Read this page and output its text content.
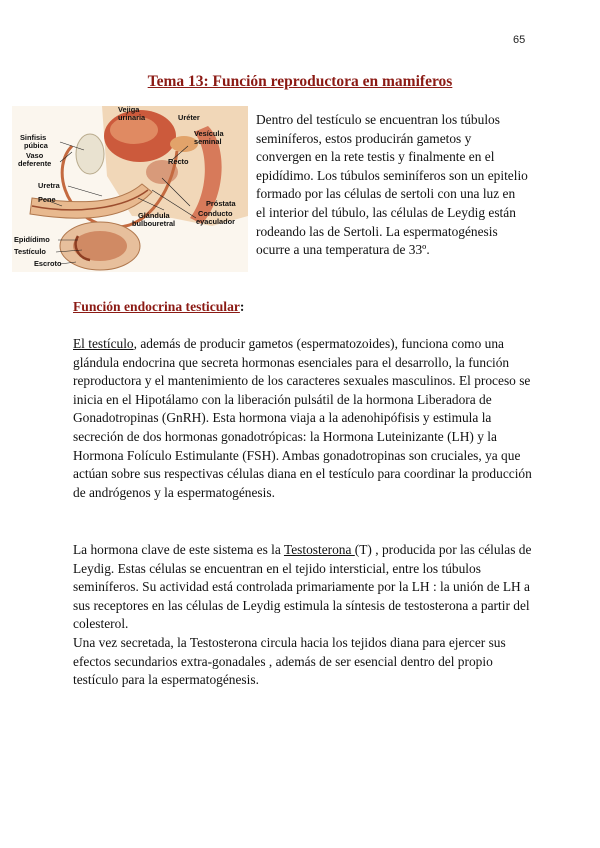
65
Tema 13: Función reproductora en mamiferos
Vejiga
urinaria	Uréter
Vesícula
seminal
Sinfisis
púbica
Vaso
deferente	Recto
Uretra
Pene	Próstata
Glándula
bulbouretral
Conducto
eyaculador
Epidídimo
Testículo
Escroto
Dentro del testículo se encuentran los túbulos seminíferos, estos producirán gametos y convergen en la rete testis y finalmente en el epidídimo. Los túbulos seminíferos son un epitelio formado por las células de sertoli con una luz en el interior del túbulo, las células de Leydig están rodeando las de Sertoli. La espermatogénesis ocurre a una temperatura de 33º.
Función endocrina testicular:
El testículo, además de producir gametos (espermatozoides), funciona como una glándula endocrina que secreta hormonas esenciales para el desarrollo, la función reproductora y el mantenimiento de los caracteres sexuales masculinos. El proceso se inicia en el Hipotálamo con la liberación pulsátil de la hormona Liberadora de Gonadotropinas (GnRH). Esta hormona viaja a la adenohipófisis y estimula la secreción de dos hormonas gonadotrópicas: la Hormona Luteinizante (LH) y la Hormona Folículo Estimulante (FSH). Ambas gonadotropinas son cruciales, ya que actúan sobre sus respectivas células diana en el testículo para coordinar la producción de andrógenos y la espermatogénesis.
La hormona clave de este sistema es la Testosterona (T) , producida por las células de Leydig. Estas células se encuentran en el tejido intersticial, entre los túbulos seminíferos. Su actividad está controlada primariamente por la LH : la unión de LH a sus receptores en las células de Leydig estimula la síntesis de testosterona a partir del colesterol.
Una vez secretada, la Testosterona circula hacia los tejidos diana para ejercer sus efectos secundarios extra-gonadales , además de ser esencial dentro del propio testículo para la espermatogénesis.
